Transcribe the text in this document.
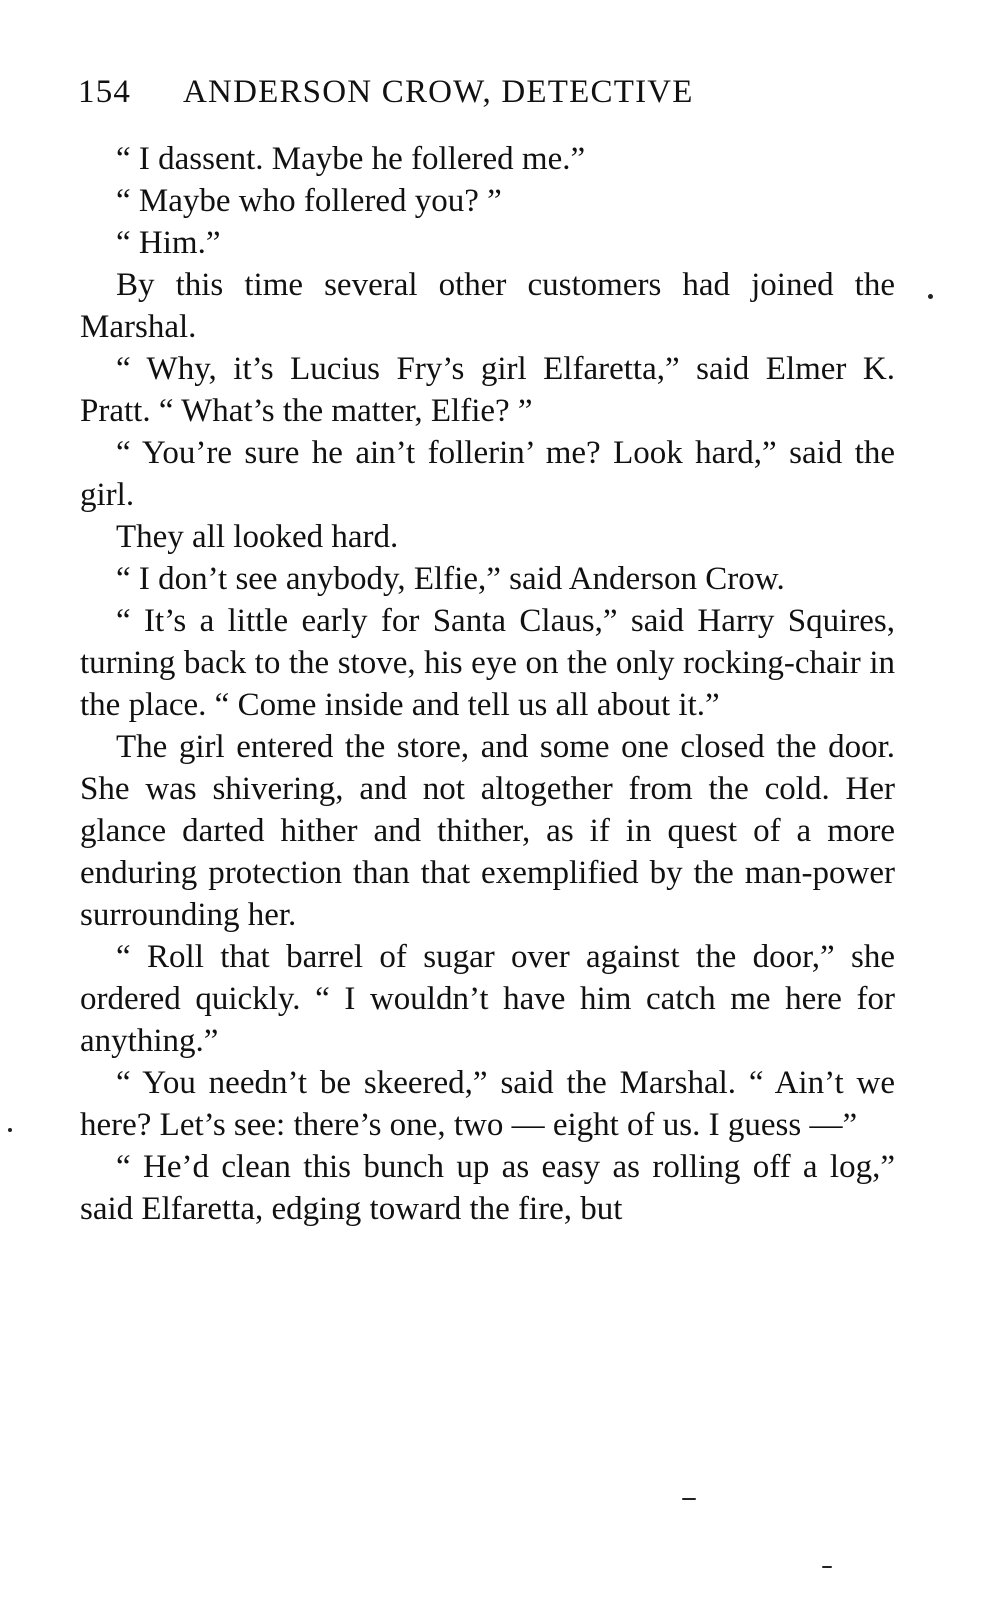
154 ANDERSON CROW, DETECTIVE

“ I dassent. Maybe he follered me.”

“ Maybe who follered you? ”

“ Him.”

By this time several other customers had joined the Marshal.

“ Why, it’s Lucius Fry’s girl Elfaretta,” said Elmer K. Pratt. “ What’s the matter, Elfie? ”

“ You’re sure he ain’t follerin’ me? Look hard,” said the girl.

They all looked hard.

“ I don’t see anybody, Elfie,” said Anderson Crow.

“ It’s a little early for Santa Claus,” said Harry Squires, turning back to the stove, his eye on the only rocking-chair in the place. “ Come inside and tell us all about it.”

The girl entered the store, and some one closed the door. She was shivering, and not altogether from the cold. Her glance darted hither and thither, as if in quest of a more enduring protection than that exemplified by the man-power surrounding her.

“ Roll that barrel of sugar over against the door,” she ordered quickly. “ I wouldn’t have him catch me here for anything.”

“ You needn’t be skeered,” said the Marshal. “ Ain’t we here? Let’s see: there’s one, two — eight of us. I guess —”

“ He’d clean this bunch up as easy as rolling off a log,” said Elfaretta, edging toward the fire, but
